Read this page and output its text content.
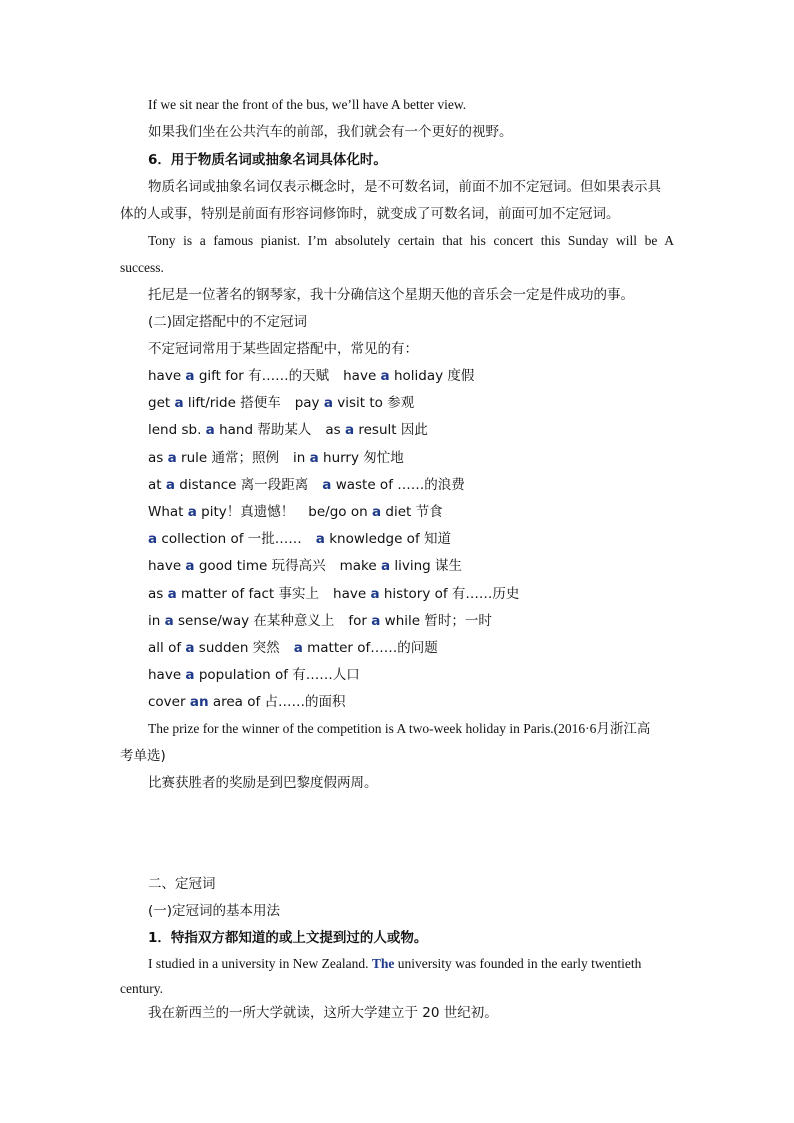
If we sit near the front of the bus, we’ll have A better view.
如果我们坐在公共汽车的前部，我们就会有一个更好的视野。
6．用于物质名词或抽象名词具体化时。
物质名词或抽象名词仅表示概念时，是不可数名词，前面不加不定冠词。但如果表示具
体的人或事，特别是前面有形容词修饰时，就变成了可数名词，前面可加不定冠词。
Tony is a famous pianist. I’m absolutely certain that his concert this Sunday will be A
success.
托尼是一位著名的钢琴家，我十分确信这个星期天他的音乐会一定是件成功的事。
(二)固定搭配中的不定冠词
不定冠词常用于某些固定搭配中，常见的有：
have a gift for 有……的天赋 have a holiday 度假
get a lift/ride 搭便车 pay a visit to 参观
lend sb. a hand 帮助某人 as a result 因此
as a rule 通常；照例 in a hurry 匆忙地
at a distance 离一段距离 a waste of ……的浪费
What a pity！真遗憾！ be/go on a diet 节食
a collection of 一批…… a knowledge of 知道
have a good time 玩得高兴 make a living 谋生
as a matter of fact 事实上 have a history of 有……历史
in a sense/way 在某种意义上 for a while 暂时；一时
all of a sudden 突然 a matter of……的问题
have a population of 有……人口
cover an area of 占……的面积
The prize for the winner of the competition is A two-week holiday in Paris.(2016·6月浙江高
考单选)
比赛获胜者的奖励是到巴黎度假两周。
二、定冠词
(一)定冠词的基本用法
1．特指双方都知道的或上文提到过的人或物。
I studied in a university in New Zealand. The university was founded in the early twentieth
century.
我在新西兰的一所大学就读，这所大学建立于 20 世纪初。
